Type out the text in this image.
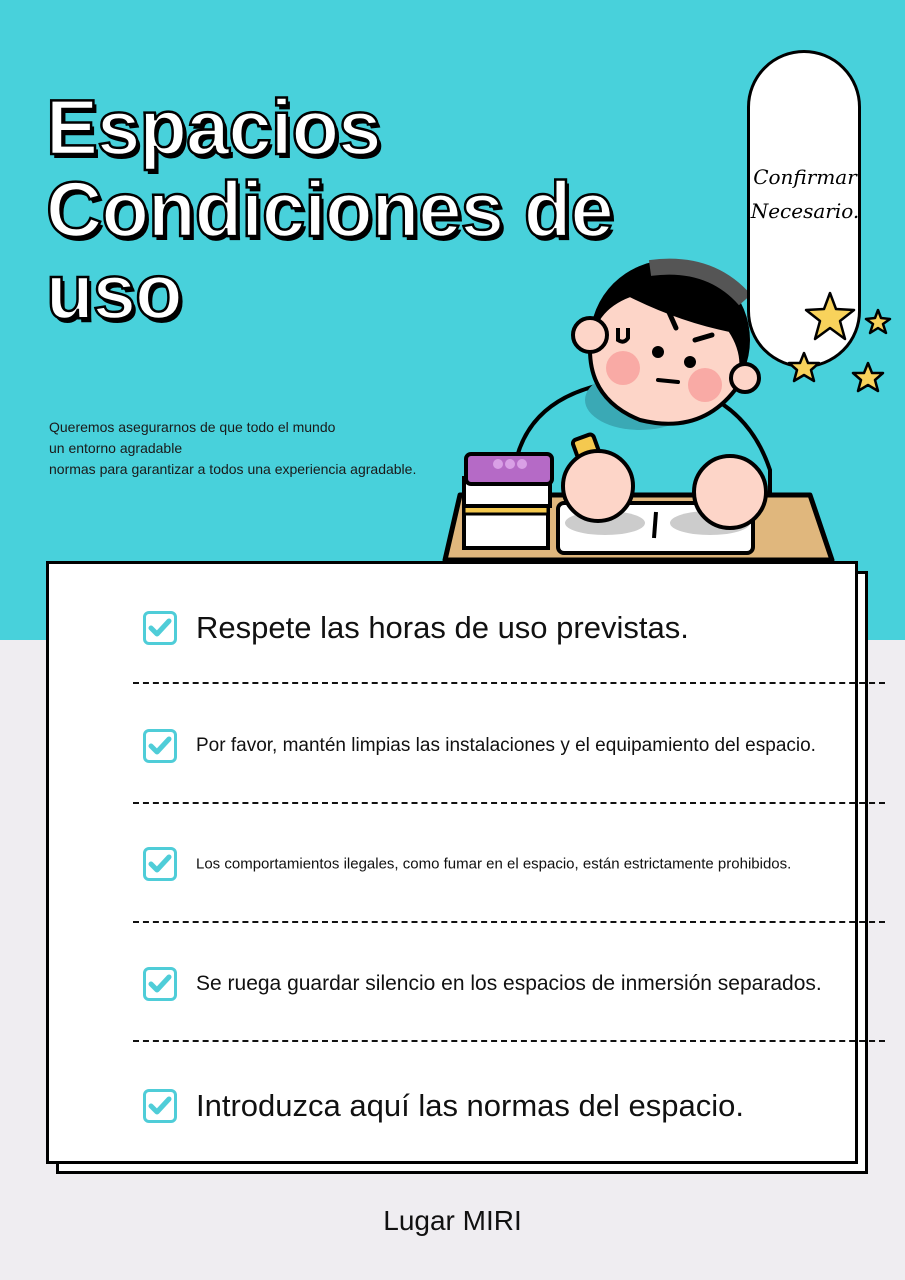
Espacios
Condiciones de
uso
Queremos asegurarnos de que todo el mundo
un entorno agradable
normas para garantizar a todos una experiencia agradable.
Confirmar
Necesario.
Respete las horas de uso previstas.
Por favor, mantén limpias las instalaciones y el equipamiento del espacio.
Los comportamientos ilegales, como fumar en el espacio, están estrictamente prohibidos.
Se ruega guardar silencio en los espacios de inmersión separados.
Introduzca aquí las normas del espacio.
Lugar MIRI
